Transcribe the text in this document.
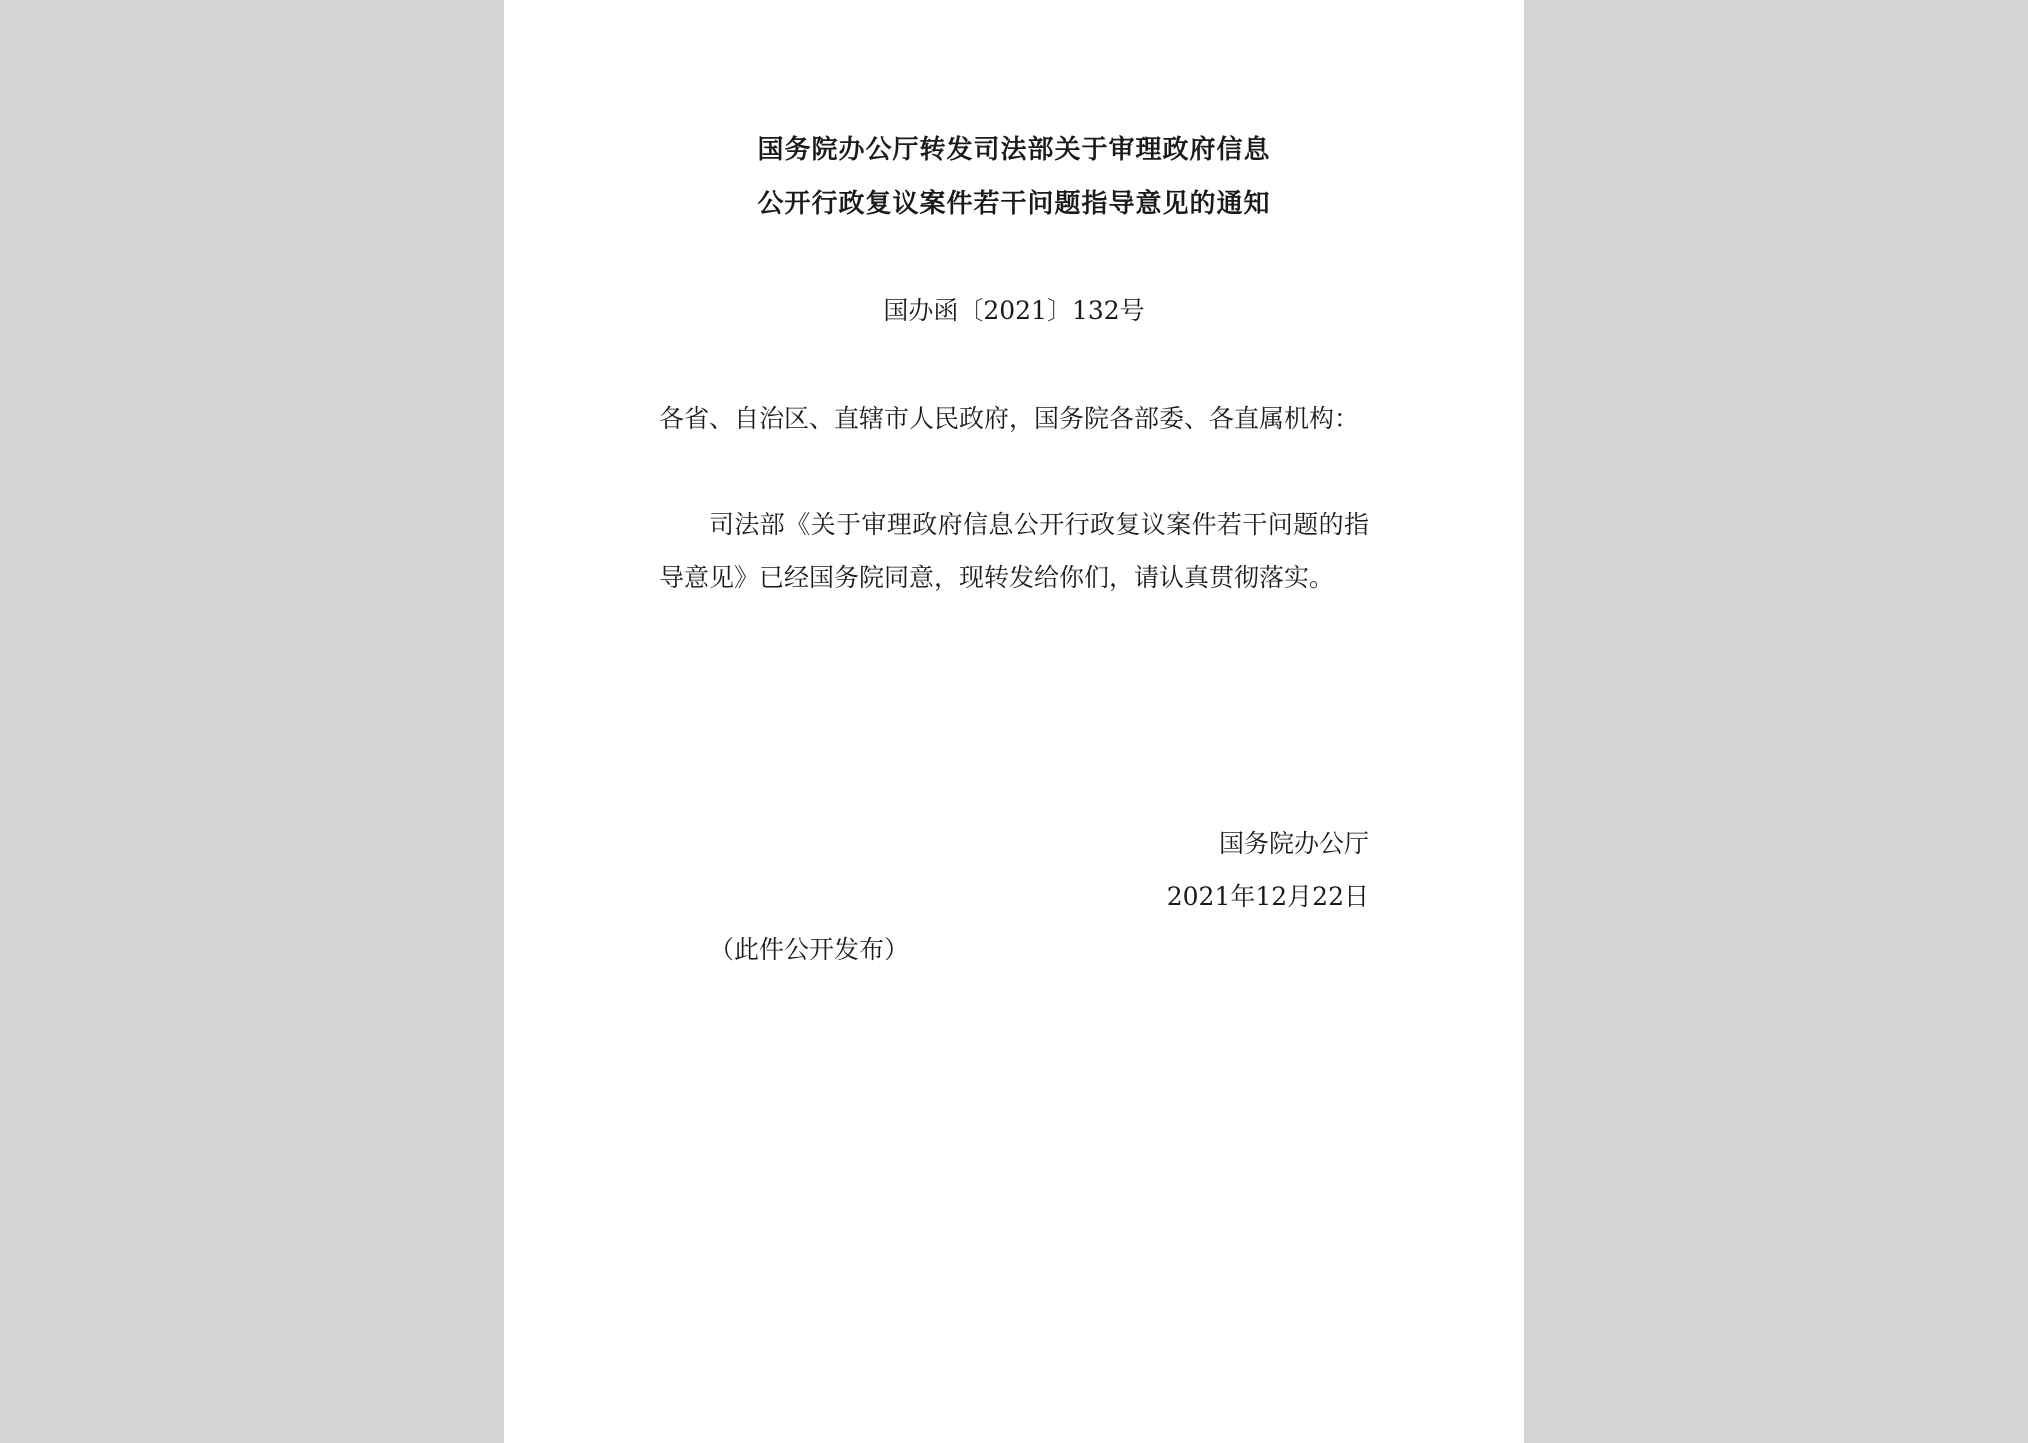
国务院办公厅转发司法部关于审理政府信息
公开行政复议案件若干问题指导意见的通知
国办函〔2021〕132号
各省、自治区、直辖市人民政府，国务院各部委、各直属机构：
司法部《关于审理政府信息公开行政复议案件若干问题的指导意见》已经国务院同意，现转发给你们，请认真贯彻落实。
国务院办公厅
2021年12月22日
（此件公开发布）
